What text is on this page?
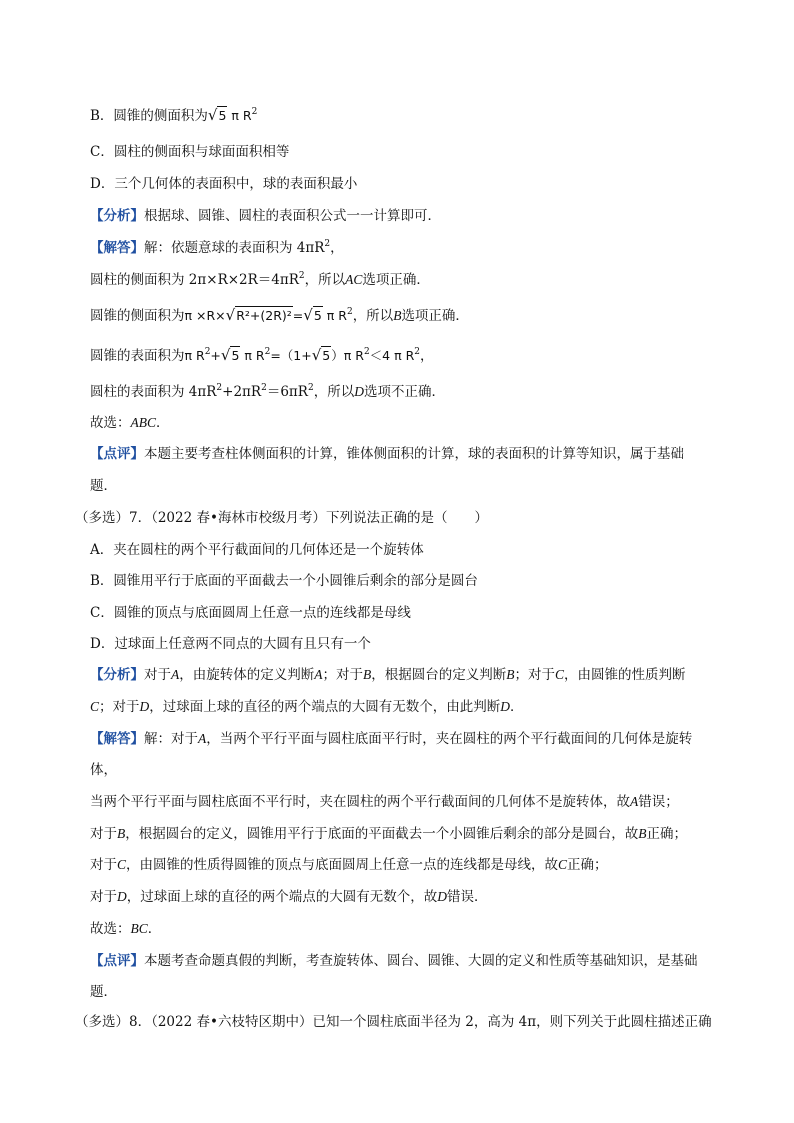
B．圆锥的侧面积为√5 π $R^2$
C．圆柱的侧面积与球面面积相等
D．三个几何体的表面积中，球的表面积最小
【分析】根据球、圆锥、圆柱的表面积公式一一计算即可．
【解答】解：依题意球的表面积为 $4\pi R^2$，
圆柱的侧面积为 $2\pi\times R\times 2R=4\pi R^2$，所以AC选项正确．
圆锥的侧面积为π ×R×√R²+(2R)²=√5 π $R^2$，所以B选项正确．
圆锥的表面积为π $R^2+√5$ π $R^2=(1+√5)\pi$ $R^2<4$ π $R^2$，
圆柱的表面积为 $4\pi R^2+2\pi R^2=6\pi R^2$，所以D选项不正确．
故选：ABC．
【点评】本题主要考查柱体侧面积的计算，锥体侧面积的计算，球的表面积的计算等知识，属于基础
题．
（多选）7．（2022 春•海林市校级月考）下列说法正确的是（　　）
A．夹在圆柱的两个平行截面间的几何体还是一个旋转体
B．圆锥用平行于底面的平面截去一个小圆锥后剩余的部分是圆台
C．圆锥的顶点与底面圆周上任意一点的连线都是母线
D．过球面上任意两不同点的大圆有且只有一个
【分析】对于A，由旋转体的定义判断A；对于B，根据圆台的定义判断B；对于C，由圆锥的性质判断
C；对于D，过球面上球的直径的两个端点的大圆有无数个，由此判断D．
【解答】解：对于A，当两个平行平面与圆柱底面平行时，夹在圆柱的两个平行截面间的几何体是旋转
体，
当两个平行平面与圆柱底面不平行时，夹在圆柱的两个平行截面间的几何体不是旋转体，故A错误；
对于B，根据圆台的定义，圆锥用平行于底面的平面截去一个小圆锥后剩余的部分是圆台，故B正确；
对于C，由圆锥的性质得圆锥的顶点与底面圆周上任意一点的连线都是母线，故C正确；
对于D，过球面上球的直径的两个端点的大圆有无数个，故D错误．
故选：BC．
【点评】本题考查命题真假的判断，考查旋转体、圆台、圆锥、大圆的定义和性质等基础知识，是基础
题．
（多选）8．（2022 春•六枝特区期中）已知一个圆柱底面半径为 2，高为 4π，则下列关于此圆柱描述正确
